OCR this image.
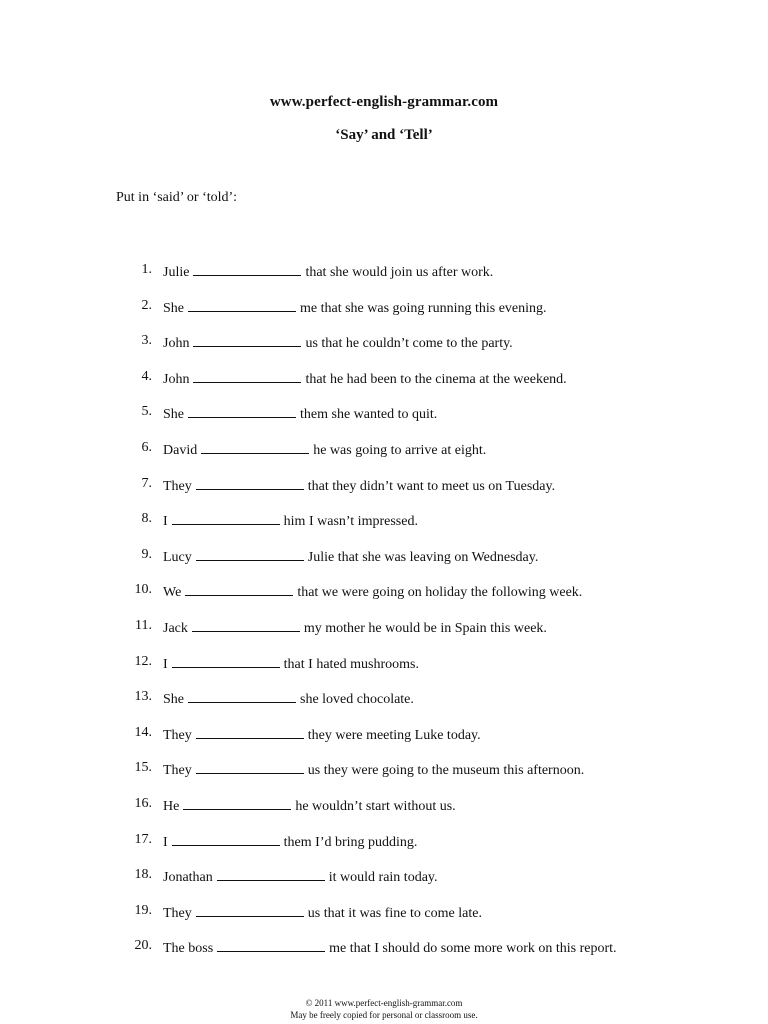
www.perfect-english-grammar.com
‘Say’ and ‘Tell’
Put in ‘said’ or ‘told’:
1. Julie	that she would join us after work.
2. She	me that she was going running this evening.
3. John	us that he couldn’t come to the party.
4. John	that he had been to the cinema at the weekend.
5. She	them she wanted to quit.
6. David	he was going to arrive at eight.
7. They	that they didn’t want to meet us on Tuesday.
8. I	him I wasn’t impressed.
9. Lucy	Julie that she was leaving on Wednesday.
10. We	that we were going on holiday the following week.
11. Jack	my mother he would be in Spain this week.
12. I	that I hated mushrooms.
13. She	she loved chocolate.
14. They	they were meeting Luke today.
15. They	us they were going to the museum this afternoon.
16. He	he wouldn’t start without us.
17. I	them I’d bring pudding.
18. Jonathan	it would rain today.
19. They	us that it was fine to come late.
20. The boss	me that I should do some more work on this report.
© 2011 www.perfect-english-grammar.com
May be freely copied for personal or classroom use.
